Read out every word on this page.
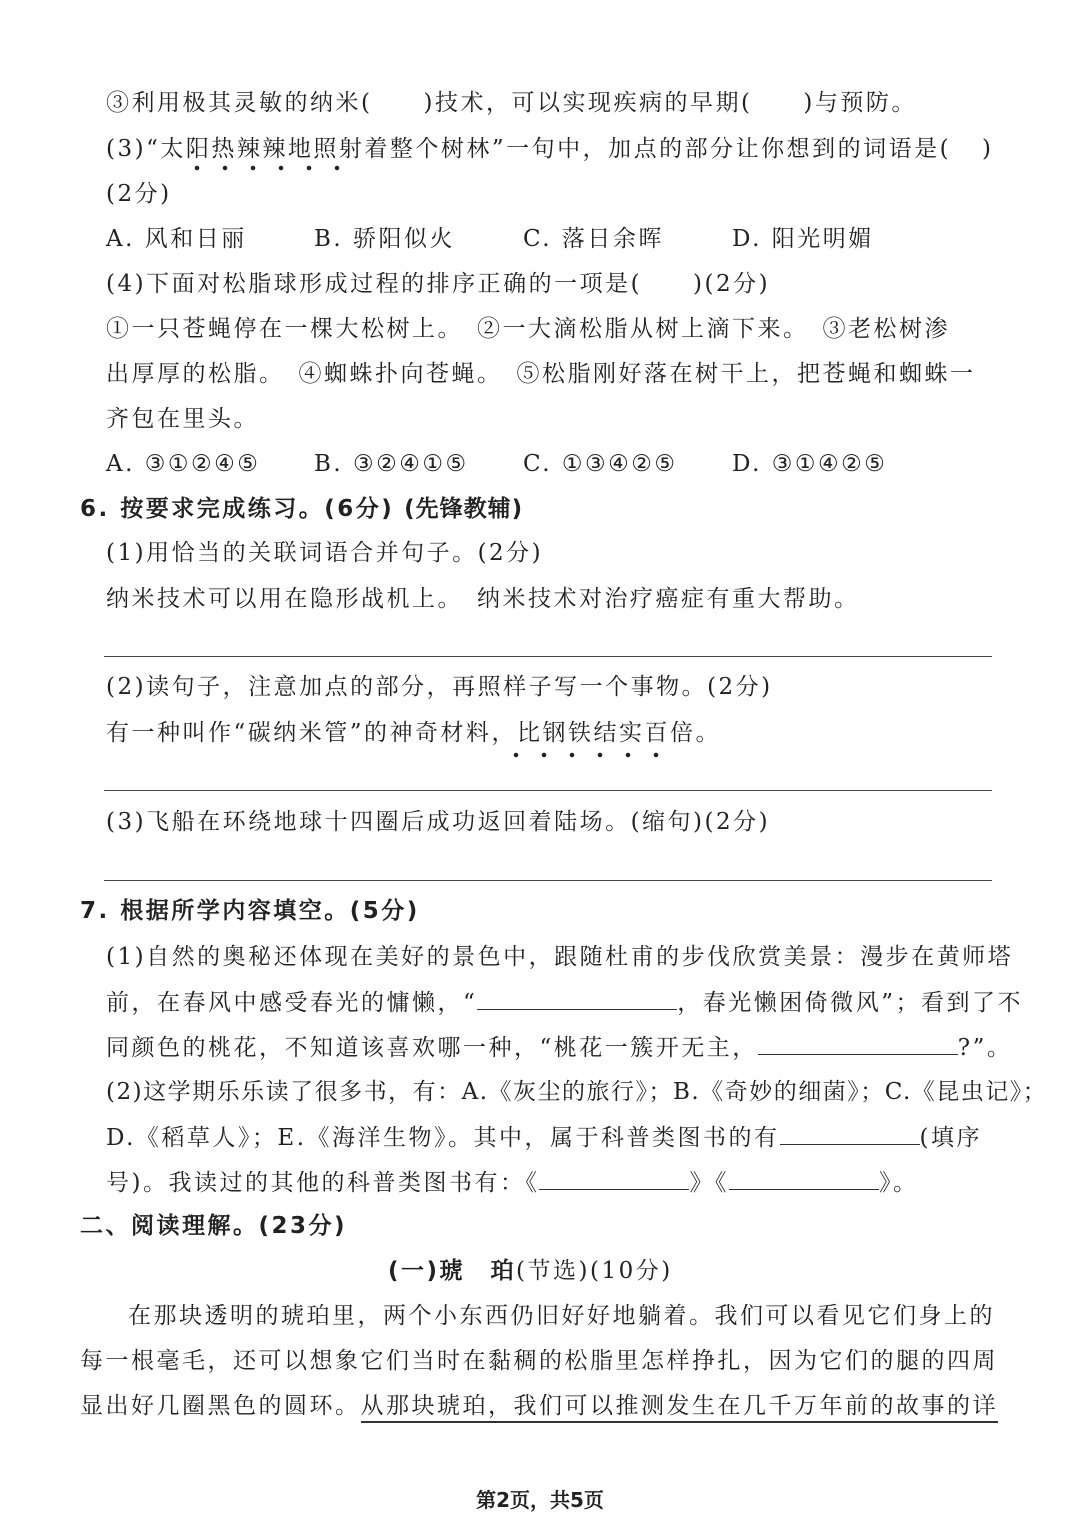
③利用极其灵敏的纳米(　　)技术，可以实现疾病的早期(　　)与预防。
(3)“太阳热辣辣地照射着整个树林”一句中，加点的部分让你想到的词语是( )
(2分)
A. 风和日丽	B. 骄阳似火	C. 落日余晖	D. 阳光明媚
(4)下面对松脂球形成过程的排序正确的一项是(　　)(2分)
①一只苍蝇停在一棵大松树上。　②一大滴松脂从树上滴下来。　③老松树渗
出厚厚的松脂。　④蜘蛛扑向苍蝇。　⑤松脂刚好落在树干上，把苍蝇和蜘蛛一
齐包在里头。
A. ③①②④⑤ B. ③②④①⑤ C. ①③④②⑤ D. ③①④②⑤
6. 按要求完成练习。(6分) (先锋教辅)
(1)用恰当的关联词语合并句子。(2分)
纳米技术可以用在隐形战机上。　纳米技术对治疗癌症有重大帮助。
(2)读句子，注意加点的部分，再照样子写一个事物。(2分)
有一种叫作“碳纳米管”的神奇材料，比钢铁结实百倍。
(3)飞船在环绕地球十四圈后成功返回着陆场。(缩句)(2分)
7. 根据所学内容填空。(5分)
(1)自然的奥秘还体现在美好的景色中，跟随杜甫的步伐欣赏美景：漫步在黄师塔
前，在春风中感受春光的慵懒，“	，春光懒困倚微风”；看到了不
同颜色的桃花，不知道该喜欢哪一种，“桃花一簇开无主，	?”。
(2)这学期乐乐读了很多书，有：A.《灰尘的旅行》；B.《奇妙的细菌》；C.《昆虫记》；
D.《稻草人》；E.《海洋生物》。其中，属于科普类图书的有	(填序
号)。我读过的其他的科普类图书有：《	》《	》。
二、阅读理解。(23分)
(一)琥　珀(节选)(10分)
在那块透明的琥珀里，两个小东西仍旧好好地躺着。我们可以看见它们身上的
每一根毫毛，还可以想象它们当时在黏稠的松脂里怎样挣扎，因为它们的腿的四周
显出好几圈黑色的圆环。从那块琥珀，我们可以推测发生在几千万年前的故事的详
第2页，共5页
